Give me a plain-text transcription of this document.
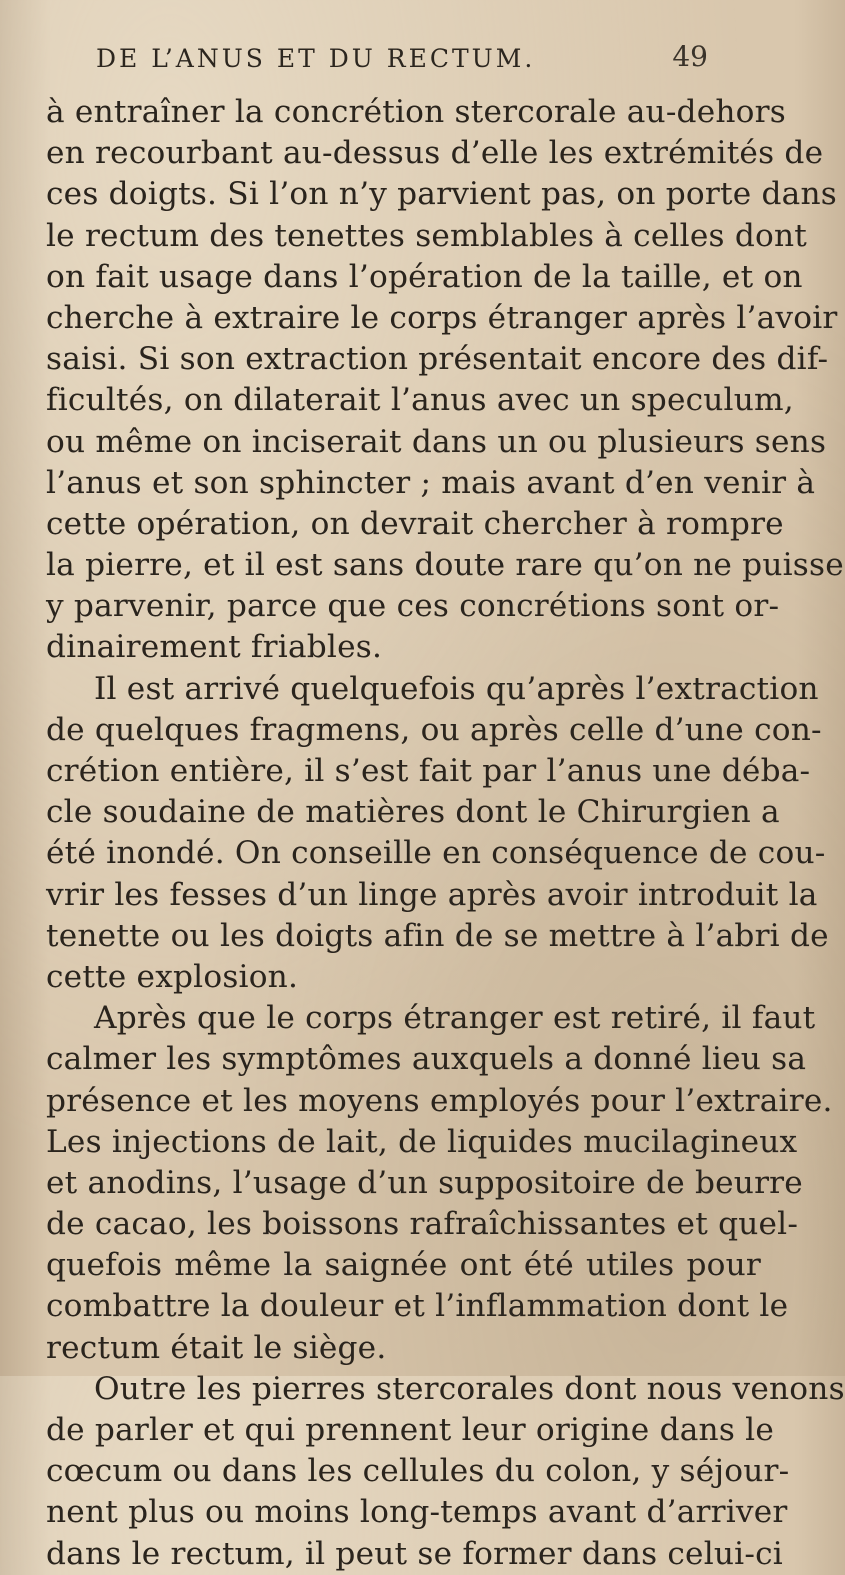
DE L’ANUS ET DU RECTUM.	49
à entraîner la concrétion stercorale au-dehors
en recourbant au-dessus d’elle les extrémités de
ces doigts. Si l’on n’y parvient pas, on porte dans
le rectum des tenettes semblables à celles dont
on fait usage dans l’opération de la taille, et on
cherche à extraire le corps étranger après l’avoir
saisi. Si son extraction présentait encore des dif-
ficultés, on dilaterait l’anus avec un speculum,
ou même on inciserait dans un ou plusieurs sens
l’anus et son sphincter ; mais avant d’en venir à
cette opération, on devrait chercher à rompre
la pierre, et il est sans doute rare qu’on ne puisse
y parvenir, parce que ces concrétions sont or-
dinairement friables.
Il est arrivé quelquefois qu’après l’extraction
de quelques fragmens, ou après celle d’une con-
crétion entière, il s’est fait par l’anus une déba-
cle soudaine de matières dont le Chirurgien a
été inondé. On conseille en conséquence de cou-
vrir les fesses d’un linge après avoir introduit la
tenette ou les doigts afin de se mettre à l’abri de
cette explosion.
Après que le corps étranger est retiré, il faut
calmer les symptômes auxquels a donné lieu sa
présence et les moyens employés pour l’extraire.
Les injections de lait, de liquides mucilagineux
et anodins, l’usage d’un suppositoire de beurre
de cacao, les boissons rafraîchissantes et quel-
quefois même la saignée ont été utiles pour
combattre la douleur et l’inflammation dont le
rectum était le siège.
Outre les pierres stercorales dont nous venons
de parler et qui prennent leur origine dans le
cœcum ou dans les cellules du colon, y séjour-
nent plus ou moins long-temps avant d’arriver
dans le rectum, il peut se former dans celui-ci
